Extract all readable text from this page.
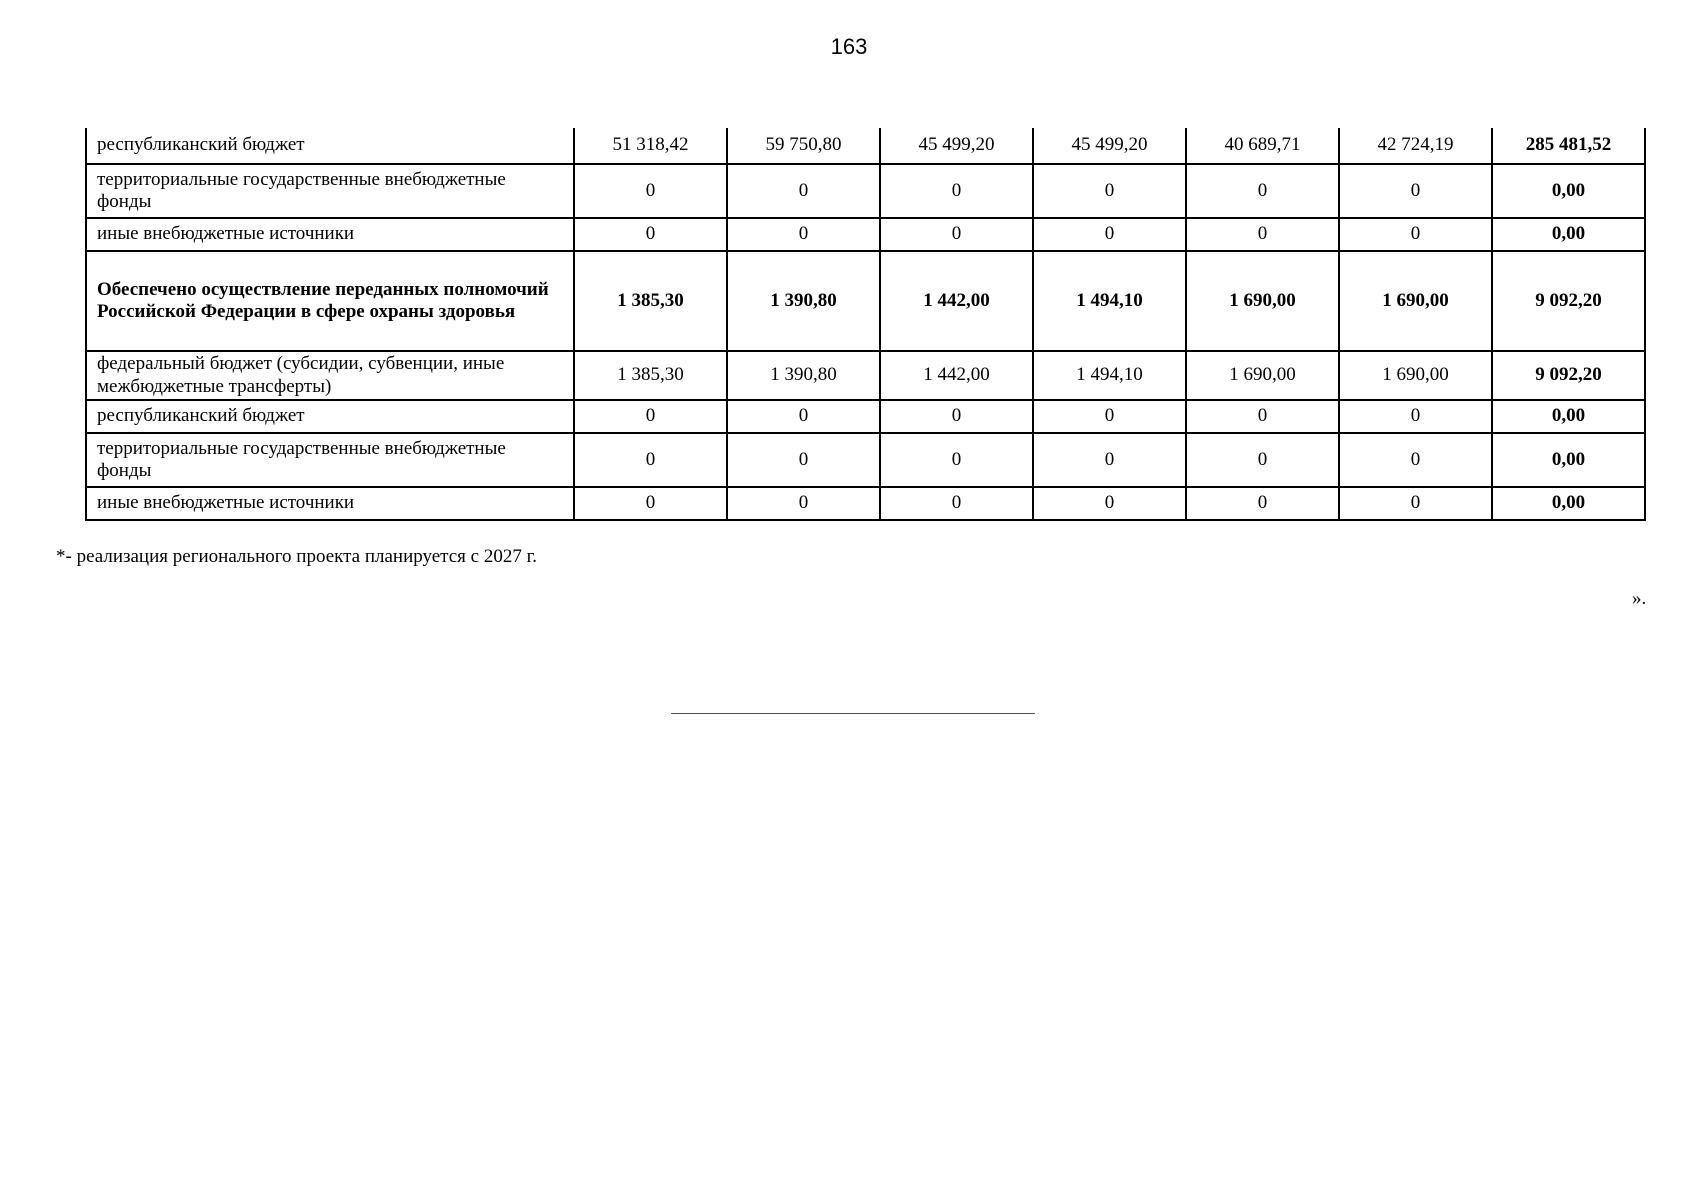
163
республиканский бюджет	51 318,42	59 750,80	45 499,20	45 499,20	40 689,71	42 724,19	285 481,52
территориальные государственные внебюджетные фонды	0	0	0	0	0	0	0,00
иные внебюджетные источники	0	0	0	0	0	0	0,00
Обеспечено осуществление переданных полномочий Российской Федерации в сфере охраны здоровья	1 385,30	1 390,80	1 442,00	1 494,10	1 690,00	1 690,00	9 092,20
федеральный бюджет (субсидии, субвенции, иные межбюджетные трансферты)	1 385,30	1 390,80	1 442,00	1 494,10	1 690,00	1 690,00	9 092,20
республиканский бюджет	0	0	0	0	0	0	0,00
территориальные государственные внебюджетные фонды	0	0	0	0	0	0	0,00
иные внебюджетные источники	0	0	0	0	0	0	0,00
*- реализация регионального проекта планируется с 2027 г.
».
